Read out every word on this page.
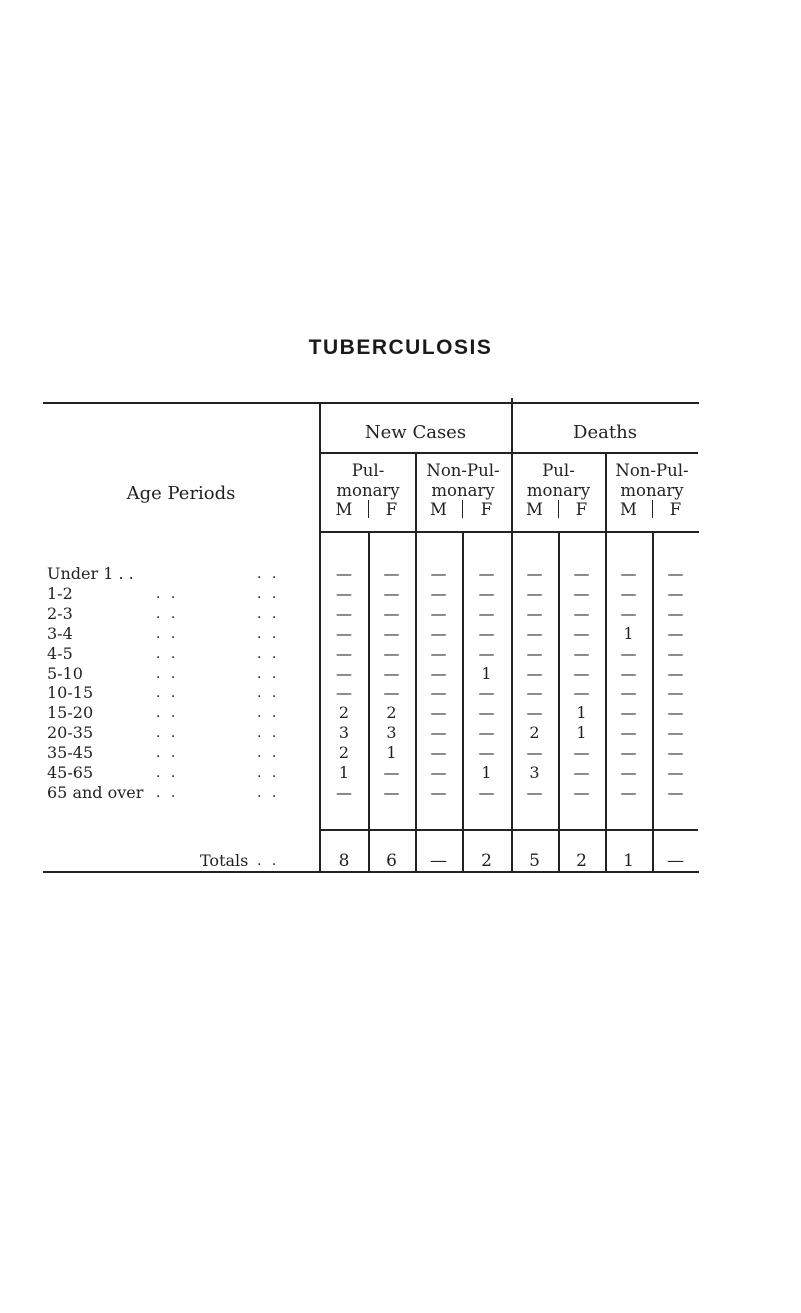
TUBERCULOSIS
Age Periods
New Cases	Deaths
Pul-
monary
Non-Pul-
monary
Pul-
monary
Non-Pul-
monary
M	F	M	F	M	F	M	F
Under 1 . .	. .	—	—	—	—	—	—	—	—
1-2	. .	. .	—	—	—	—	—	—	—	—
2-3	. .	. .	—	—	—	—	—	—	—	—
3-4	. .	. .	—	—	—	—	—	—	1	—
4-5	. .	. .	—	—	—	—	—	—	—	—
5-10	. .	. .	—	—	—	1	—	—	—	—
10-15	. .	. .	—	—	—	—	—	—	—	—
15-20	. .	. .	2	2	—	—	—	1	—	—
20-35	. .	. .	3	3	—	—	2	1	—	—
35-45	. .	. .	2	1	—	—	—	—	—	—
45-65	. .	. .	1	—	—	1	3	—	—	—
65 and over . .	. .	—	—	—	—	—	—	—	—
Totals . .	8	6	—	2	5	2	1	—
